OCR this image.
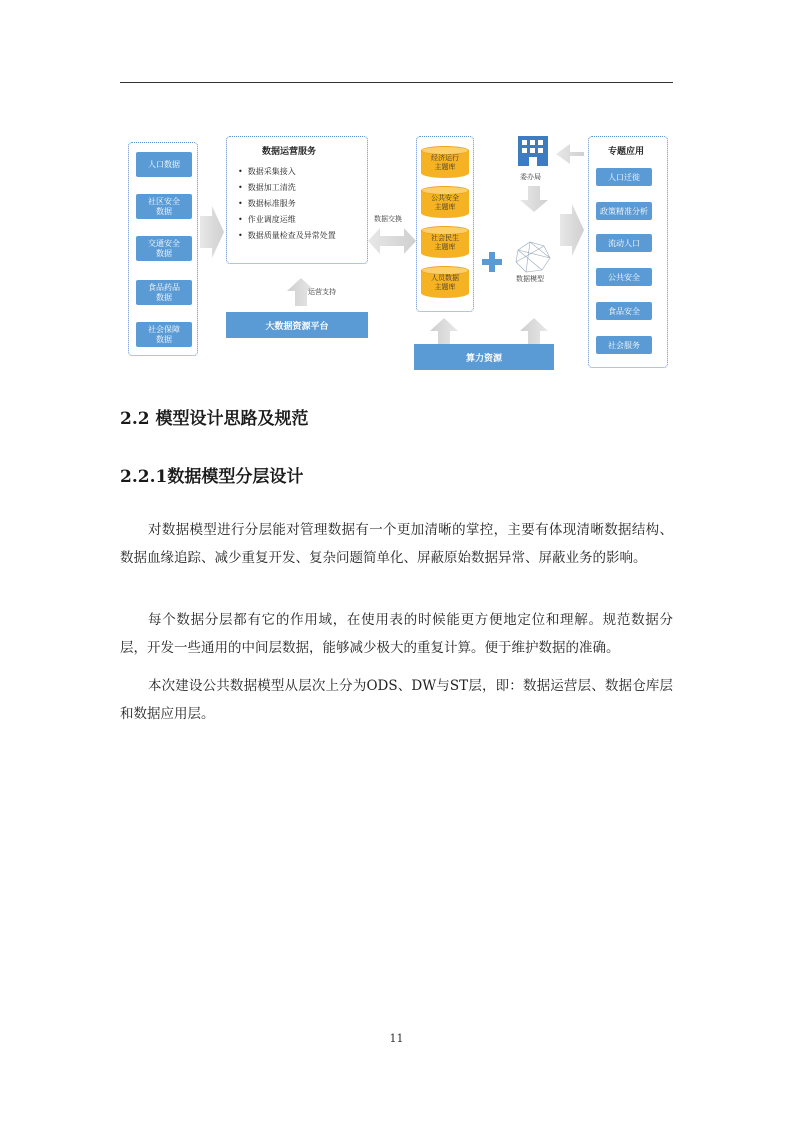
人口数据
社区安全
数据
交通安全
数据
食品药品
数据
社会保障
数据
数据运营服务
• 数据采集接入
• 数据加工清洗
• 数据标准服务
• 作业调度运维
• 数据质量检查及异常处置
运营支持
大数据资源平台
数据交换
经济运行
主题库
公共安全
主题库
社会民生
主题库
人员数据
主题库
算力资源
委办局
数据模型
专题应用
人口迁徙
政策精准分析
流动人口
公共安全
食品安全
社会服务
2.2 模型设计思路及规范
2.2.1数据模型分层设计

对数据模型进行分层能对管理数据有一个更加清晰的掌控，主要有体现清晰数据结构、数据血缘追踪、减少重复开发、复杂问题简单化、屏蔽原始数据异常、屏蔽业务的影响。

每个数据分层都有它的作用域，在使用表的时候能更方便地定位和理解。规范数据分层，开发一些通用的中间层数据，能够减少极大的重复计算。便于维护数据的准确。

本次建设公共数据模型从层次上分为ODS、DW与ST层，即：数据运营层、数据仓库层和数据应用层。

11
